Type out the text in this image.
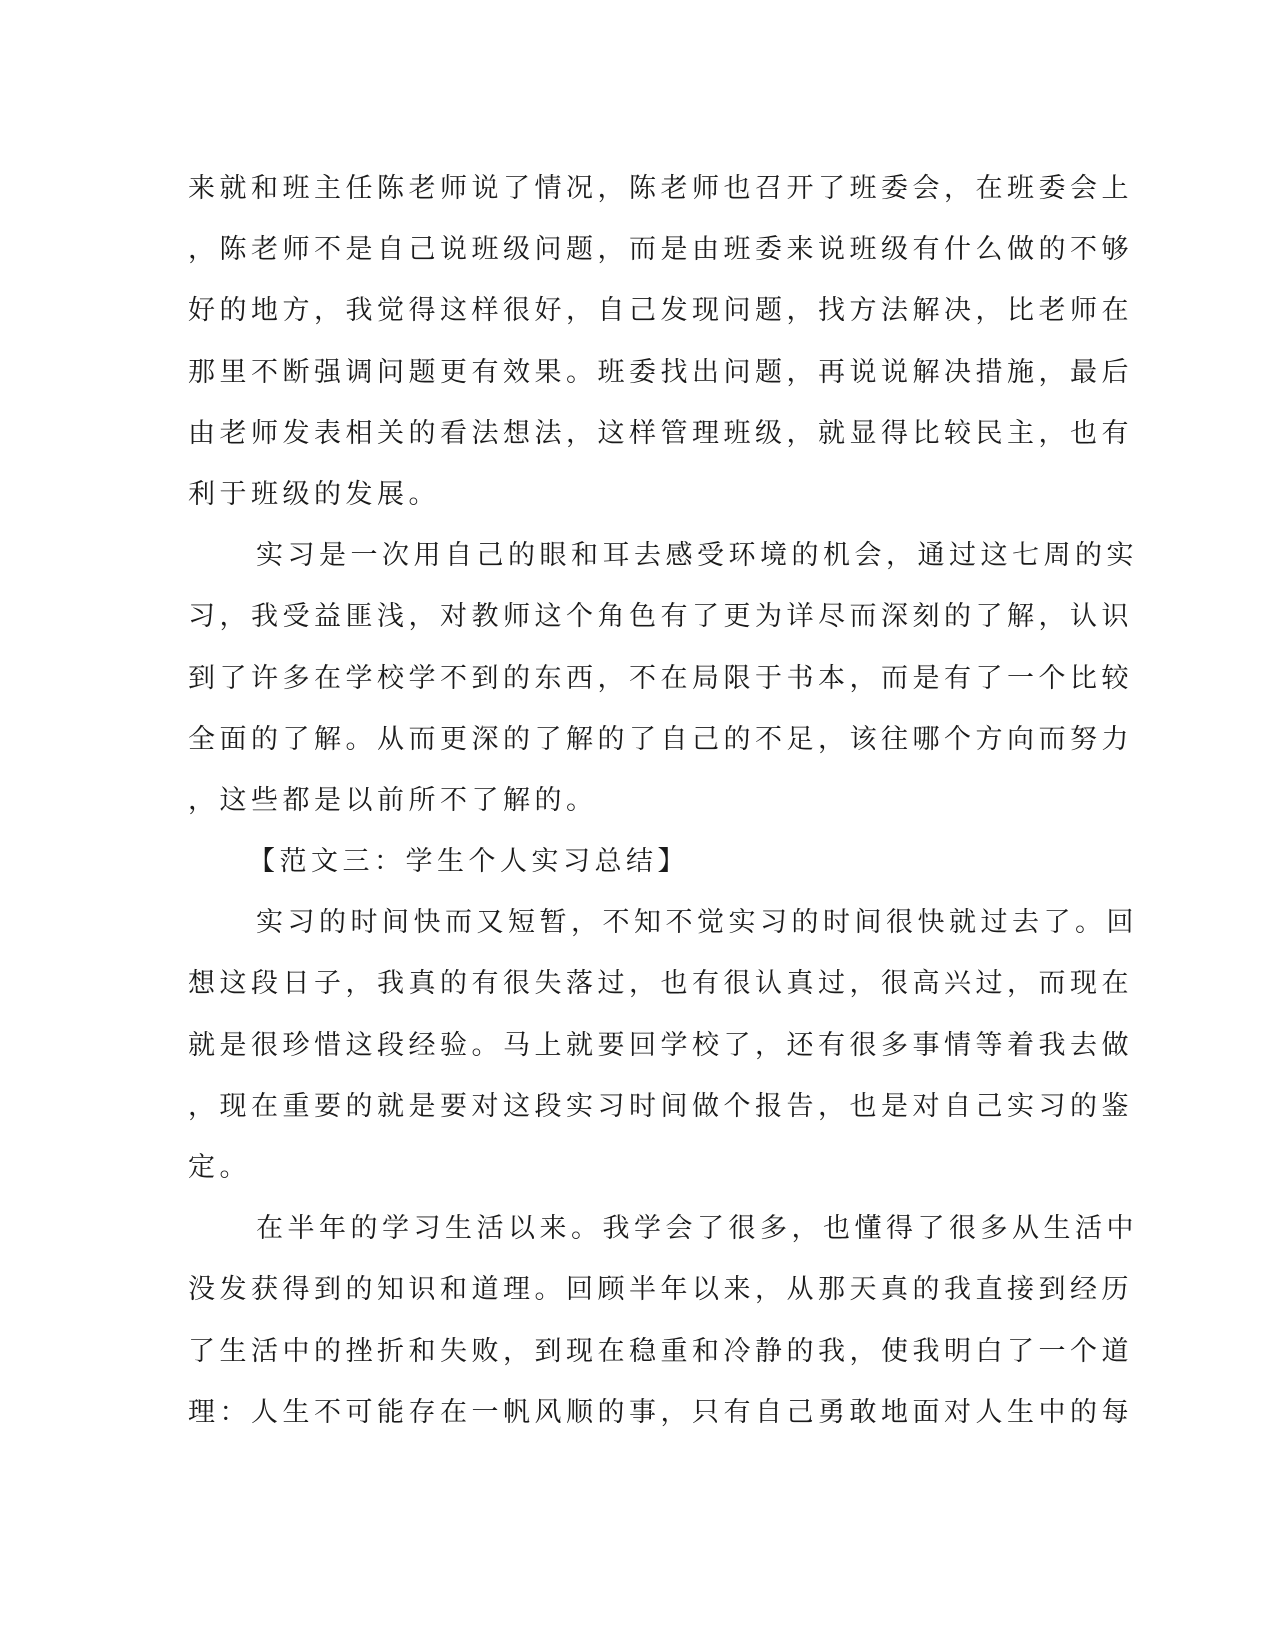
来就和班主任陈老师说了情况，陈老师也召开了班委会，在班委会上
，陈老师不是自己说班级问题，而是由班委来说班级有什么做的不够
好的地方，我觉得这样很好，自己发现问题，找方法解决，比老师在
那里不断强调问题更有效果。班委找出问题，再说说解决措施，最后
由老师发表相关的看法想法，这样管理班级，就显得比较民主，也有
利于班级的发展。
实习是一次用自己的眼和耳去感受环境的机会，通过这七周的实
习，我受益匪浅，对教师这个角色有了更为详尽而深刻的了解，认识
到了许多在学校学不到的东西，不在局限于书本，而是有了一个比较
全面的了解。从而更深的了解的了自己的不足，该往哪个方向而努力
，这些都是以前所不了解的。
【范文三：学生个人实习总结】
实习的时间快而又短暂，不知不觉实习的时间很快就过去了。回
想这段日子，我真的有很失落过，也有很认真过，很高兴过，而现在
就是很珍惜这段经验。马上就要回学校了，还有很多事情等着我去做
，现在重要的就是要对这段实习时间做个报告，也是对自己实习的鉴
定。
在半年的学习生活以来。我学会了很多，也懂得了很多从生活中
没发获得到的知识和道理。回顾半年以来，从那天真的我直接到经历
了生活中的挫折和失败，到现在稳重和冷静的我，使我明白了一个道
理：人生不可能存在一帆风顺的事，只有自己勇敢地面对人生中的每
